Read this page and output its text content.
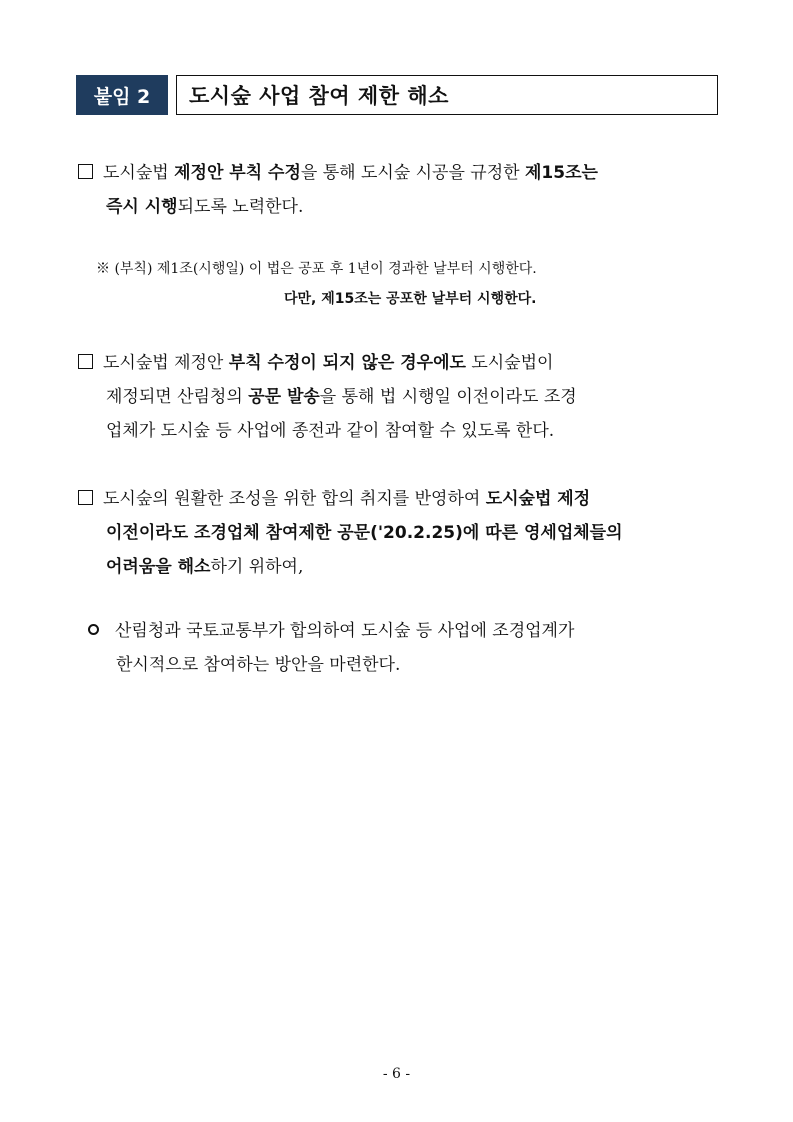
붙임 2	도시숲 사업 참여 제한 해소
도시숲법 제정안 부칙 수정을 통해 도시숲 시공을 규정한 제15조는
즉시 시행되도록 노력한다.
※ (부칙) 제1조(시행일) 이 법은 공포 후 1년이 경과한 날부터 시행한다.
다만, 제15조는 공포한 날부터 시행한다.
도시숲법 제정안 부칙 수정이 되지 않은 경우에도 도시숲법이
제정되면 산림청의 공문 발송을 통해 법 시행일 이전이라도 조경
업체가 도시숲 등 사업에 종전과 같이 참여할 수 있도록 한다.
도시숲의 원활한 조성을 위한 합의 취지를 반영하여 도시숲법 제정
이전이라도 조경업체 참여제한 공문('20.2.25)에 따른 영세업체들의
어려움을 해소하기 위하여,
산림청과 국토교통부가 합의하여 도시숲 등 사업에 조경업계가
한시적으로 참여하는 방안을 마련한다.
- 6 -
